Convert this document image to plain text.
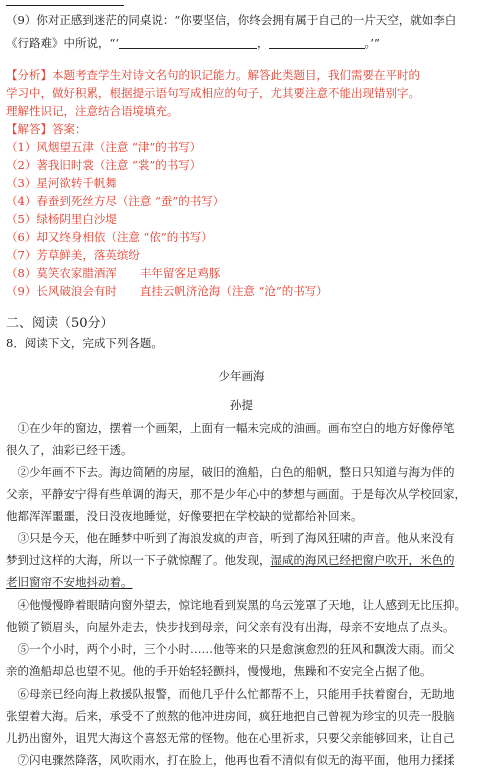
（9）你对正感到迷茫的同桌说：“你要坚信，你终会拥有属于自己的一片天空，就如李白
《行路难》中所说，“‘	，	。’”
【分析】本题考查学生对诗文名句的识记能力。解答此类题目，我们需要在平时的
学习中，做好积累，根据提示语句写成相应的句子，尤其要注意不能出现错别字。
理解性识记，注意结合语境填充。
【解答】答案：
（1）风烟望五津（注意 “津”的书写）
（2）著我旧时裳（注意 “裳”的书写）
（3）星河欲转千帆舞
（4）春蚕到死丝方尽（注意 “蚕”的书写）
（5）绿杨阴里白沙堤
（6）却又终身相依（注意 “依”的书写）
（7）芳草鲜美，落英缤纷
（8）莫笑农家腊酒浑　　丰年留客足鸡豚
（9）长风破浪会有时　　直挂云帆济沧海（注意 “沧”的书写）
二、阅读（50分）
8．阅读下文，完成下列各题。
少年画海
孙提
　①在少年的窗边，摆着一个画架，上面有一幅未完成的油画。画布空白的地方好像停笔
很久了，油彩已经干透。
　②少年画不下去。海边简陋的房屋，破旧的渔船，白色的船帆，整日只知道与海为伴的
父亲，平静安宁得有些单调的海天，那不是少年心中的梦想与画面。于是每次从学校回家，
他都浑浑噩噩，没日没夜地睡觉，好像要把在学校缺的觉都给补回来。
　③只是今天，他在睡梦中听到了海浪发疯的声音，听到了海风狂啸的声音。他从来没有
梦到过这样的大海，所以一下子就惊醒了。他发现，湿咸的海风已经把窗户吹开，米色的
老旧窗帘不安地抖动着。
　④他慢慢睁着眼睛向窗外望去，惊诧地看到炭黑的乌云笼罩了天地，让人感到无比压抑。
他锁了锁眉头，向屋外走去，快步找到母亲，问父亲有没有出海，母亲不安地点了点头。
　⑤一个小时，两个小时，三个小时……他等来的只是愈演愈烈的狂风和飘泼大雨。而父
亲的渔船却总也望不见。他的手开始轻轻颤抖，慢慢地，焦躁和不安完全占据了他。
　⑥母亲已经向海上救援队报警，而他几乎什么忙都帮不上，只能用手扶着窗台，无助地
张望着大海。后来，承受不了煎熬的他冲进房间，疯狂地把自己曾视为珍宝的贝壳一股脑
儿扔出窗外，诅咒大海这个喜怒无常的怪物。他在心里祈求，只要父亲能够回来，让自己
　⑦闪电骤然降落，风吹雨水，打在脸上，他再也看不清似有似无的海平面，他用力揉揉
